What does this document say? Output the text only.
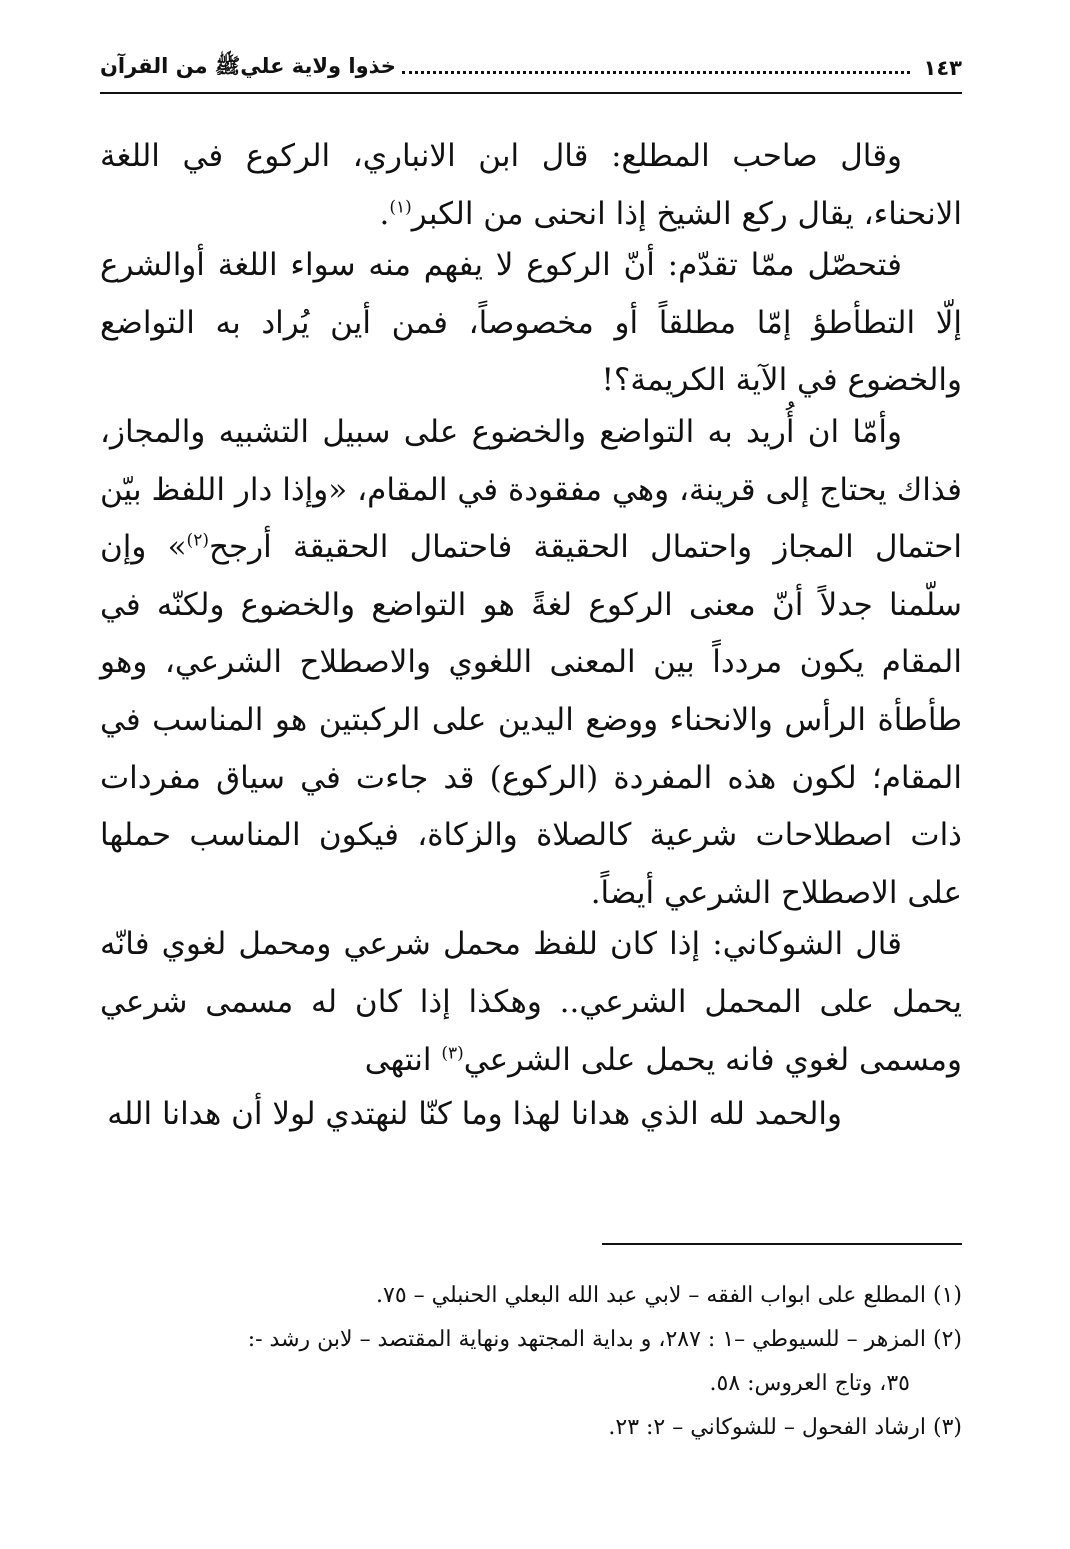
١٤٣
خذوا ولاية عليﷺ من القرآن

وقال صاحب المطلع: قال ابن الانباري، الركوع في اللغة الانحناء، يقال ركع الشيخ إذا انحنى من الكبر$^{(١)}$.

فتحصّل ممّا تقدّم: أنّ الركوع لا يفهم منه سواء اللغة أوالشرع إلّا التطأطؤ إمّا مطلقاً أو مخصوصاً، فمن أين يُراد به التواضع والخضوع في الآية الكريمة؟!

وأمّا ان أُريد به التواضع والخضوع على سبيل التشبيه والمجاز، فذاك يحتاج إلى قرينة، وهي مفقودة في المقام، «وإذا دار اللفظ بيّن احتمال المجاز واحتمال الحقيقة فاحتمال الحقيقة أرجح$^{(٢)}$» وإن سلّمنا جدلاً أنّ معنى الركوع لغةً هو التواضع والخضوع ولكنّه في المقام يكون مردداً بين المعنى اللغوي والاصطلاح الشرعي، وهو طأطأة الرأس والانحناء ووضع اليدين على الركبتين هو المناسب في المقام؛ لكون هذه المفردة (الركوع) قد جاءت في سياق مفردات ذات اصطلاحات شرعية كالصلاة والزكاة، فيكون المناسب حملها على الاصطلاح الشرعي أيضاً.

قال الشوكاني: إذا كان للفظ محمل شرعي ومحمل لغوي فانّه يحمل على المحمل الشرعي.. وهكذا إذا كان له مسمى شرعي ومسمى لغوي فانه يحمل على الشرعي$^{(٣)}$ انتهى

والحمد لله الذي هدانا لهذا وما كنّا لنهتدي لولا أن هدانا الله

(١) المطلع على ابواب الفقه – لابي عبد الله البعلي الحنبلي – ٧٥.

(٢) المزهر – للسيوطي –١ : ٢٨٧، و بداية المجتهد ونهاية المقتصد – لابن رشد -:

٣٥، وتاج العروس: ٥٨.

(٣) ارشاد الفحول – للشوكاني – ٢: ٢٣.
